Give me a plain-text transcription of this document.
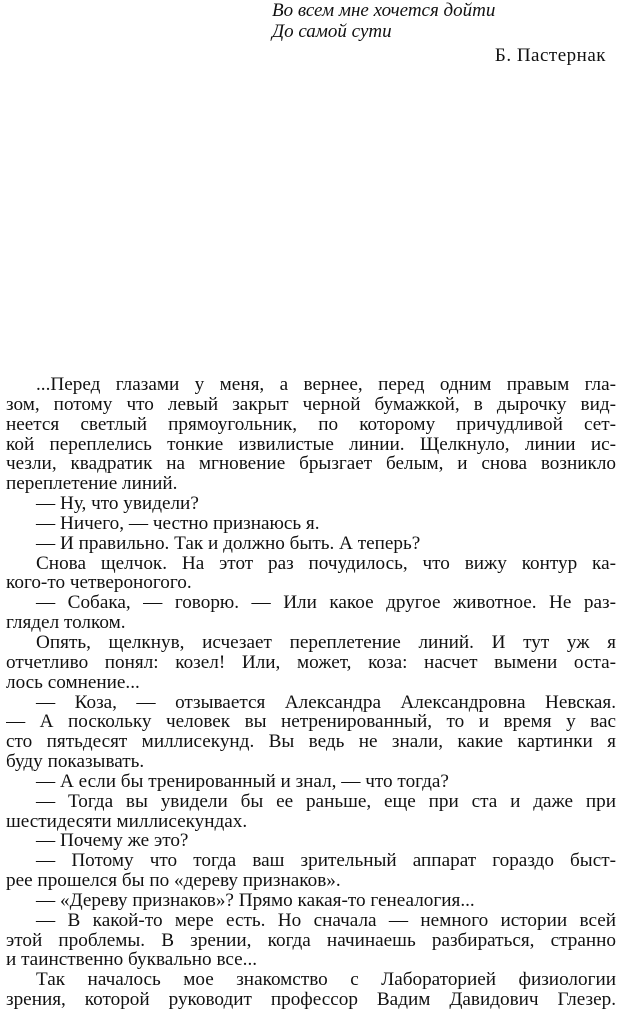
Во всем мне хочется дойти
До самой сути
Б. Пастернак
...Перед глазами у меня, а вернее, перед одним правым гла-
зом, потому что левый закрыт черной бумажкой, в дырочку вид-
неется светлый прямоугольник, по которому причудливой сет-
кой переплелись тонкие извилистые линии. Щелкнуло, линии ис-
чезли, квадратик на мгновение брызгает белым, и снова возникло
переплетение линий.
— Ну, что увидели?
— Ничего, — честно признаюсь я.
— И правильно. Так и должно быть. А теперь?
Снова щелчок. На этот раз почудилось, что вижу контур ка-
кого-то четвероногого.
— Собака, — говорю. — Или какое другое животное. Не раз-
глядел толком.
Опять, щелкнув, исчезает переплетение линий. И тут уж я
отчетливо понял: козел! Или, может, коза: насчет вымени оста-
лось сомнение...
— Коза, — отзывается Александра Александровна Невская.
— А поскольку человек вы нетренированный, то и время у вас
сто пятьдесят миллисекунд. Вы ведь не знали, какие картинки я
буду показывать.
— А если бы тренированный и знал, — что тогда?
— Тогда вы увидели бы ее раньше, еще при ста и даже при
шестидесяти миллисекундах.
— Почему же это?
— Потому что тогда ваш зрительный аппарат гораздо быст-
рее прошелся бы по «дереву признаков».
— «Дереву признаков»? Прямо какая-то генеалогия...
— В какой-то мере есть. Но сначала — немного истории всей
этой проблемы. В зрении, когда начинаешь разбираться, странно
и таинственно буквально все...
Так началось мое знакомство с Лабораторией физиологии
зрения, которой руководит профессор Вадим Давидович Глезер.
